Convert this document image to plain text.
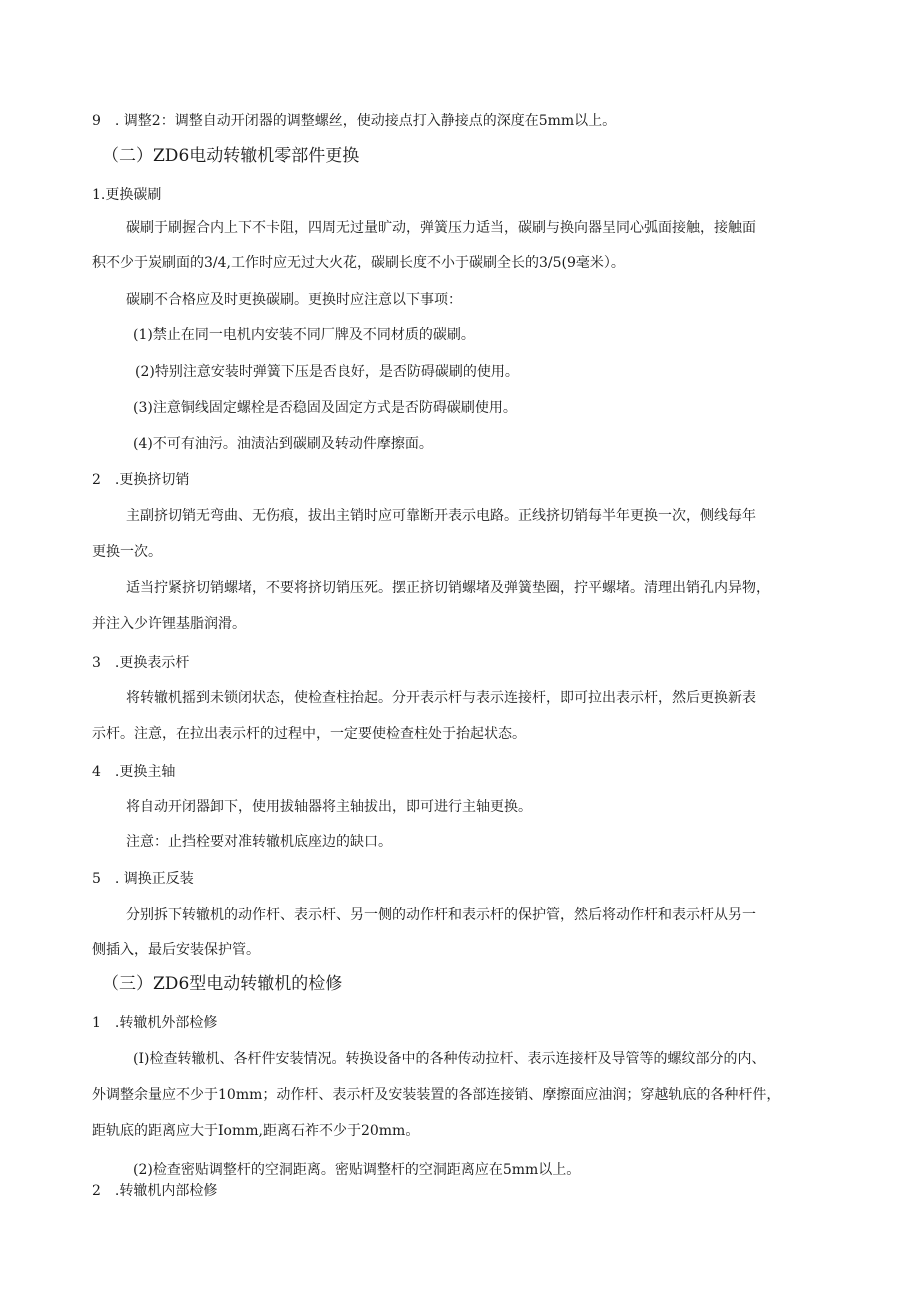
9　. 调整2：调整自动开闭器的调整螺丝，使动接点打入静接点的深度在5mm以上。
（二）ZD6电动转辙机零部件更换
1.更换碳刷
碳刷于刷握合内上下不卡阻，四周无过量旷动，弹簧压力适当，碳刷与换向器呈同心弧面接触，接触面
积不少于炭刷面的3/4,工作时应无过大火花，碳刷长度不小于碳刷全长的3/5(9毫米）。
碳刷不合格应及时更换碳刷。更换时应注意以下事项：
(1)禁止在同一电机内安装不同厂牌及不同材质的碳刷。
(2)特别注意安装时弹簧下压是否良好，是否防碍碳刷的使用。
(3)注意铜线固定螺栓是否稳固及固定方式是否防碍碳刷使用。
(4)不可有油污。油渍沾到碳刷及转动件摩擦面。
2　.更换挤切销
主副挤切销无弯曲、无伤痕，拔出主销时应可靠断开表示电路。正线挤切销每半年更换一次，侧线每年
更换一次。
适当拧紧挤切销螺堵，不要将挤切销压死。摆正挤切销螺堵及弹簧垫圈，拧平螺堵。清理出销孔内异物，
并注入少许锂基脂润滑。
3　.更换表示杆
将转辙机摇到未锁闭状态，使检查柱抬起。分开表示杆与表示连接杆，即可拉出表示杆，然后更换新表
示杆。注意，在拉出表示杆的过程中，一定要使检查柱处于抬起状态。
4　.更换主轴
将自动开闭器卸下，使用拔轴器将主轴拔出，即可进行主轴更换。
注意：止挡栓要对准转辙机底座边的缺口。
5　. 调换正反装
分别拆下转辙机的动作杆、表示杆、另一侧的动作杆和表示杆的保护管，然后将动作杆和表示杆从另一
侧插入，最后安装保护管。
（三）ZD6型电动转辙机的检修
1　.转辙机外部检修
(I)检查转辙机、各杆件安装情况。转换设备中的各种传动拉杆、表示连接杆及导管等的螺纹部分的内、
外调整余量应不少于10mm；动作杆、表示杆及安装装置的各部连接销、摩擦面应油润；穿越轨底的各种杆件，
距轨底的距离应大于Iomm,距离石祚不少于20mm。
(2)检查密贴调整杆的空洞距离。密贴调整杆的空洞距离应在5mm以上。
2　.转辙机内部检修
